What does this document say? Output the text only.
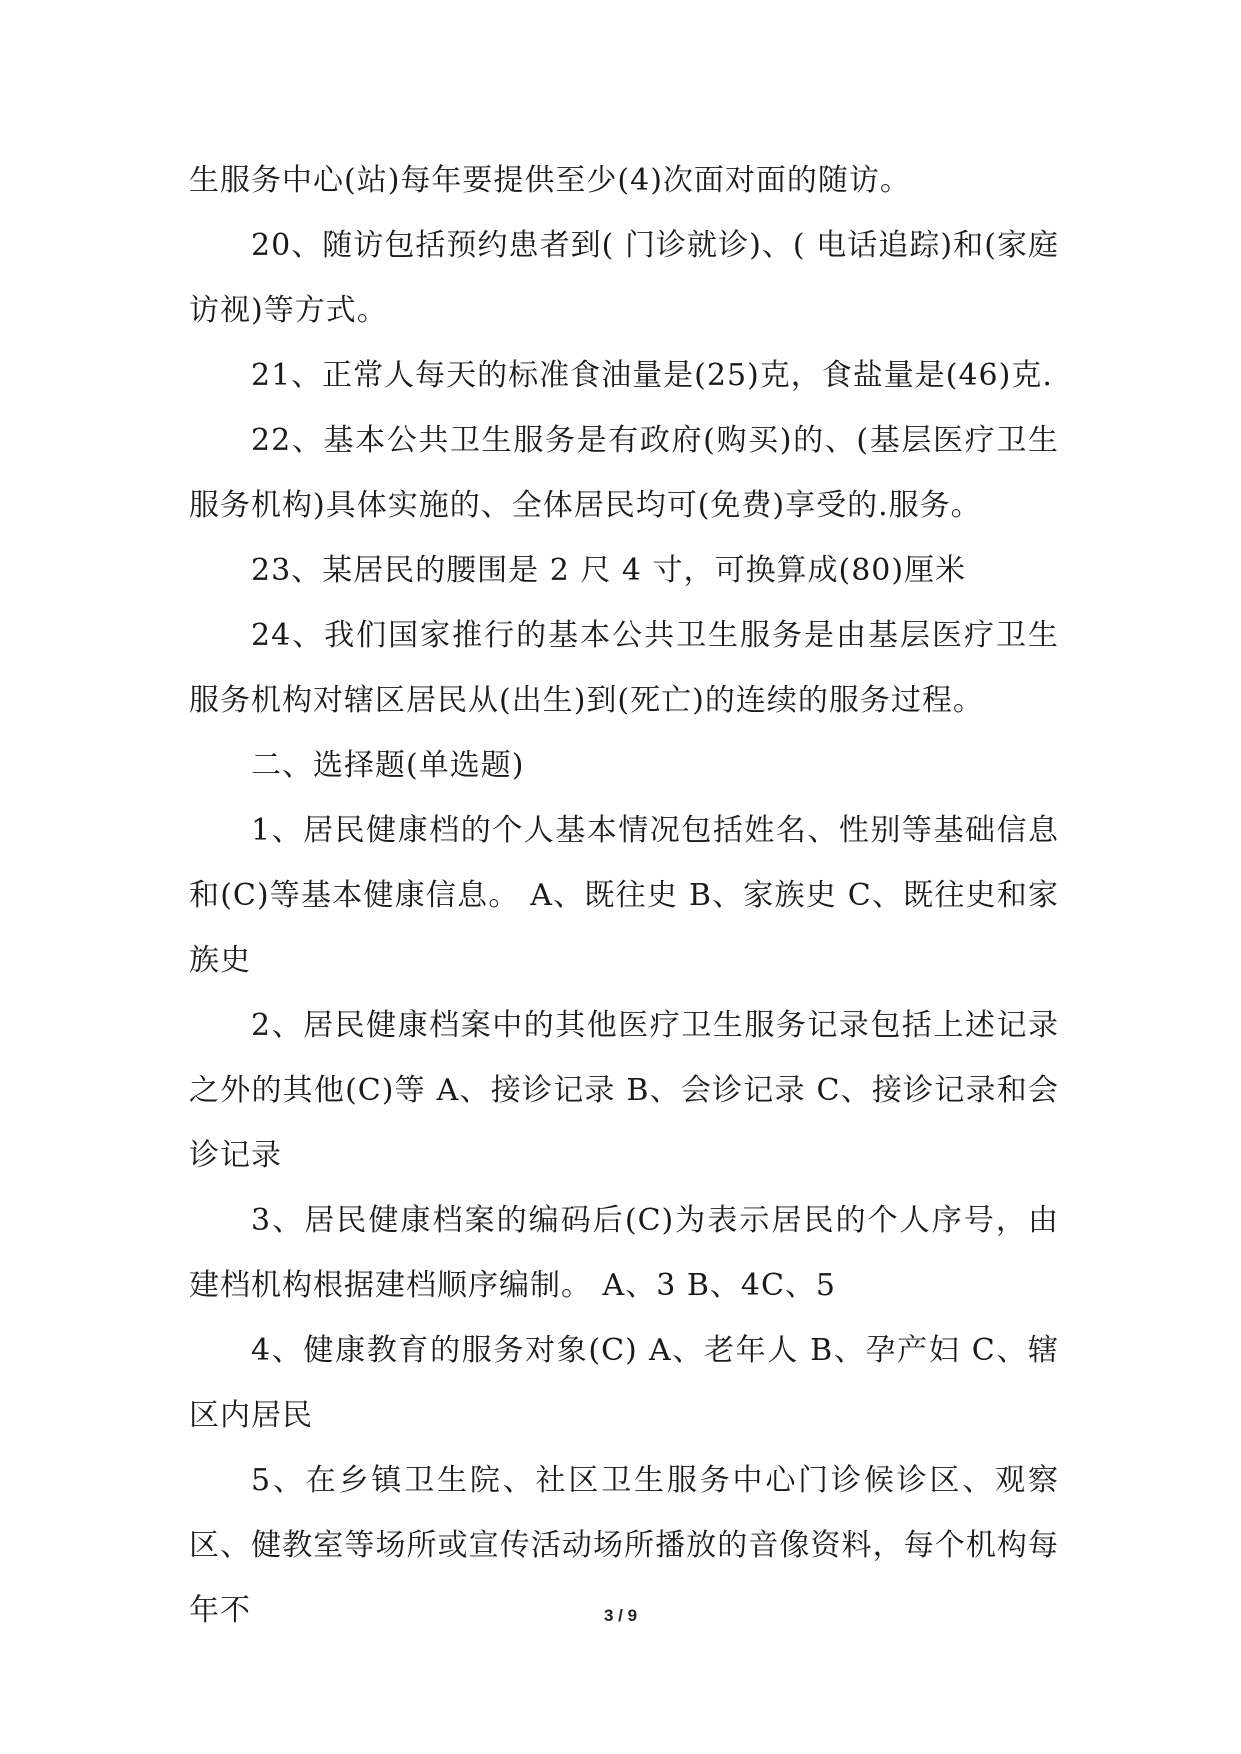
生服务中心(站)每年要提供至少(4)次面对面的随访。

20、随访包括预约患者到( 门诊就诊)、( 电话追踪)和(家庭访视)等方式。

21、正常人每天的标准食油量是(25)克，食盐量是(46)克.

22、基本公共卫生服务是有政府(购买)的、(基层医疗卫生服务机构)具体实施的、全体居民均可(免费)享受的.服务。

23、某居民的腰围是 2 尺 4 寸，可换算成(80)厘米

24、我们国家推行的基本公共卫生服务是由基层医疗卫生服务机构对辖区居民从(出生)到(死亡)的连续的服务过程。

二、选择题(单选题)

1、居民健康档的个人基本情况包括姓名、性别等基础信息和(C)等基本健康信息。 A、既往史 B、家族史 C、既往史和家族史

2、居民健康档案中的其他医疗卫生服务记录包括上述记录之外的其他(C)等 A、接诊记录 B、会诊记录 C、接诊记录和会诊记录

3、居民健康档案的编码后(C)为表示居民的个人序号，由建档机构根据建档顺序编制。 A、3 B、4C、5

4、健康教育的服务对象(C) A、老年人 B、孕产妇 C、辖区内居民

5、在乡镇卫生院、社区卫生服务中心门诊候诊区、观察区、健教室等场所或宣传活动场所播放的音像资料，每个机构每年不	3 / 9
